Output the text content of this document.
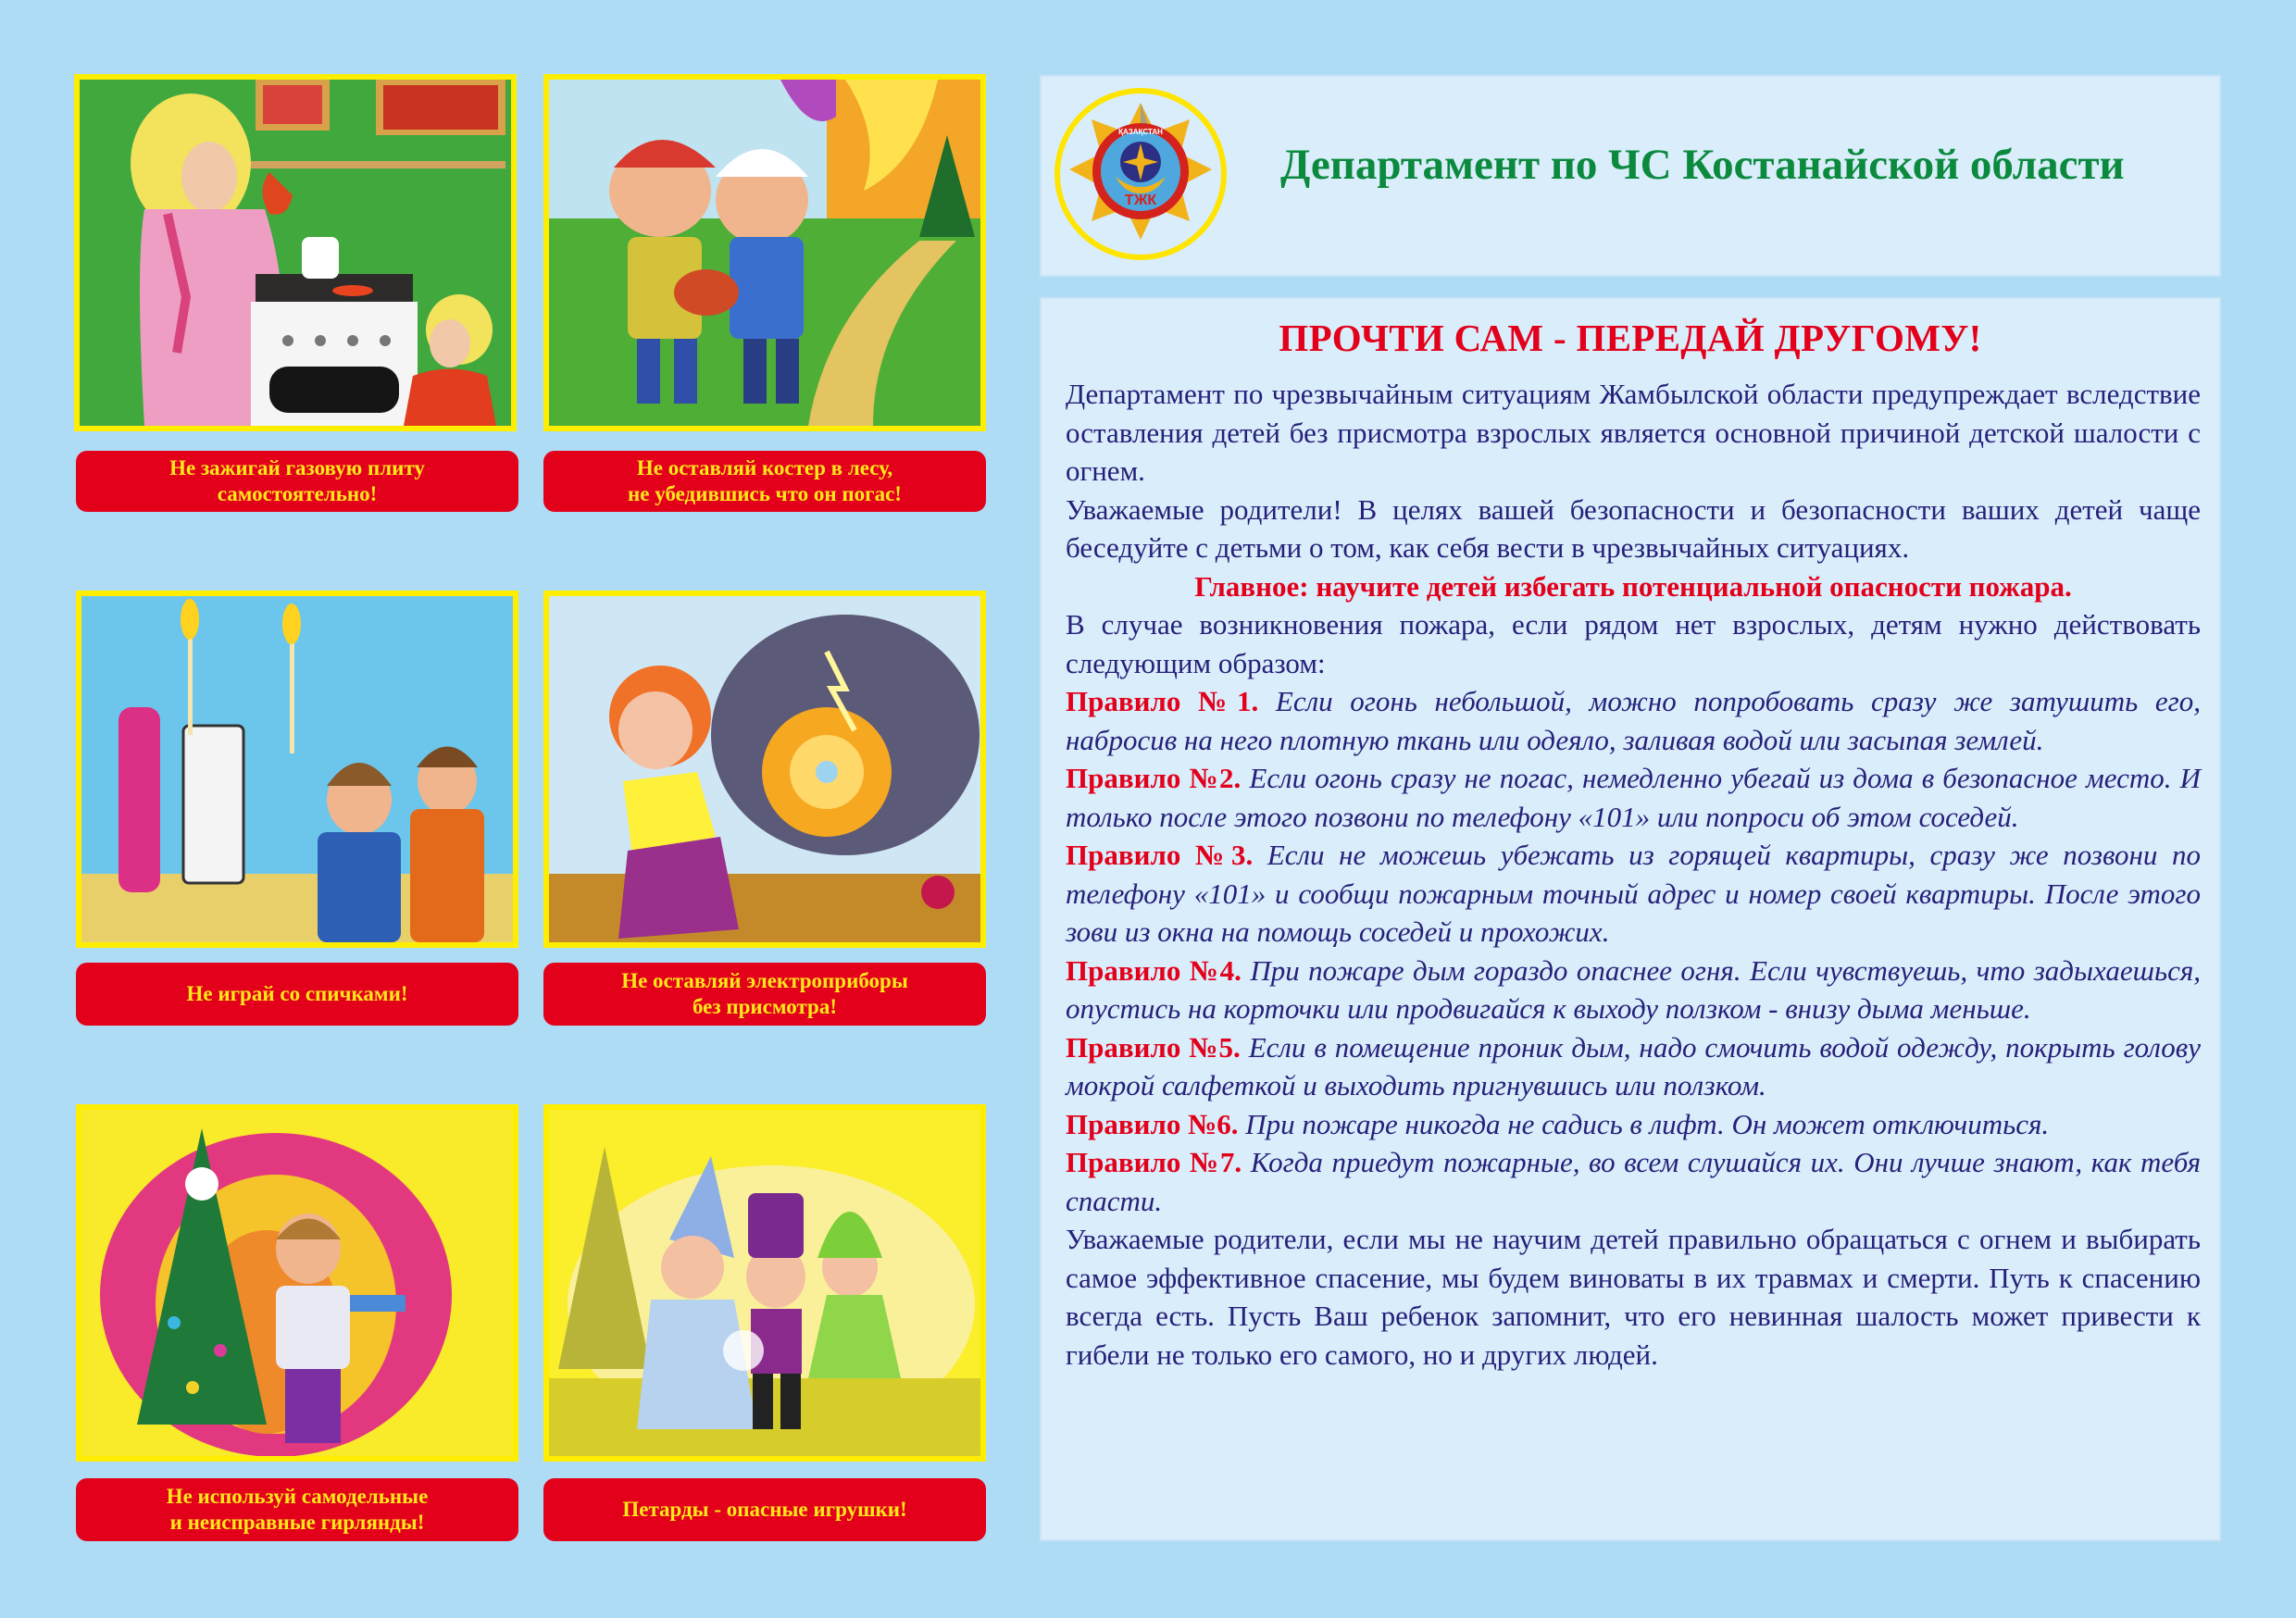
Не зажигай газовую плиту
самостоятельно!
Не оставляй костер в лесу,
не убедившись что он погас!
Не играй со спичками!
Не оставляй электроприборы
без присмотра!
Не используй самодельные
и неисправные гирлянды!
Петарды - опасные игрушки!
ТЖК
ҚАЗАҚСТАН
Департамент по ЧС Костанайской области
ПРОЧТИ САМ - ПЕРЕДАЙ ДРУГОМУ!

Департамент по чрезвычайным ситуациям Жамбылской области предупреждает вследствие оставления детей без присмотра взрослых является основной причиной детской шалости с огнем.

Уважаемые родители! В целях вашей безопасности и безопасности ваших детей чаще беседуйте с детьми о том, как себя вести в чрезвычайных ситуациях.

Главное: научите детей избегать потенциальной опасности пожара.

В случае возникновения пожара, если рядом нет взрослых, детям нужно действовать следующим образом:

Правило №1. Если огонь небольшой, можно попробовать сразу же затушить его, набросив на него плотную ткань или одеяло, заливая водой или засыпая землей.

Правило №2. Если огонь сразу не погас, немедленно убегай из дома в безопасное место. И только после этого позвони по телефону «101» или попроси об этом соседей.

Правило №3. Если не можешь убежать из горящей квартиры, сразу же позвони по телефону «101» и сообщи пожарным точный адрес и номер своей квартиры. После этого зови из окна на помощь соседей и прохожих.

Правило №4. При пожаре дым гораздо опаснее огня. Если чувствуешь, что задыхаешься, опустись на корточки или продвигайся к выходу ползком - внизу дыма меньше.

Правило №5. Если в помещение проник дым, надо смочить водой одежду, покрыть голову мокрой салфеткой и выходить пригнувшись или ползком.

Правило №6. При пожаре никогда не садись в лифт. Он может отключиться.

Правило №7. Когда приедут пожарные, во всем слушайся их. Они лучше знают, как тебя спасти.

Уважаемые родители, если мы не научим детей правильно обращаться с огнем и выбирать самое эффективное спасение, мы будем виноваты в их травмах и смерти. Путь к спасению всегда есть. Пусть Ваш ребенок запомнит, что его невинная шалость может привести к гибели не только его самого, но и других людей.
